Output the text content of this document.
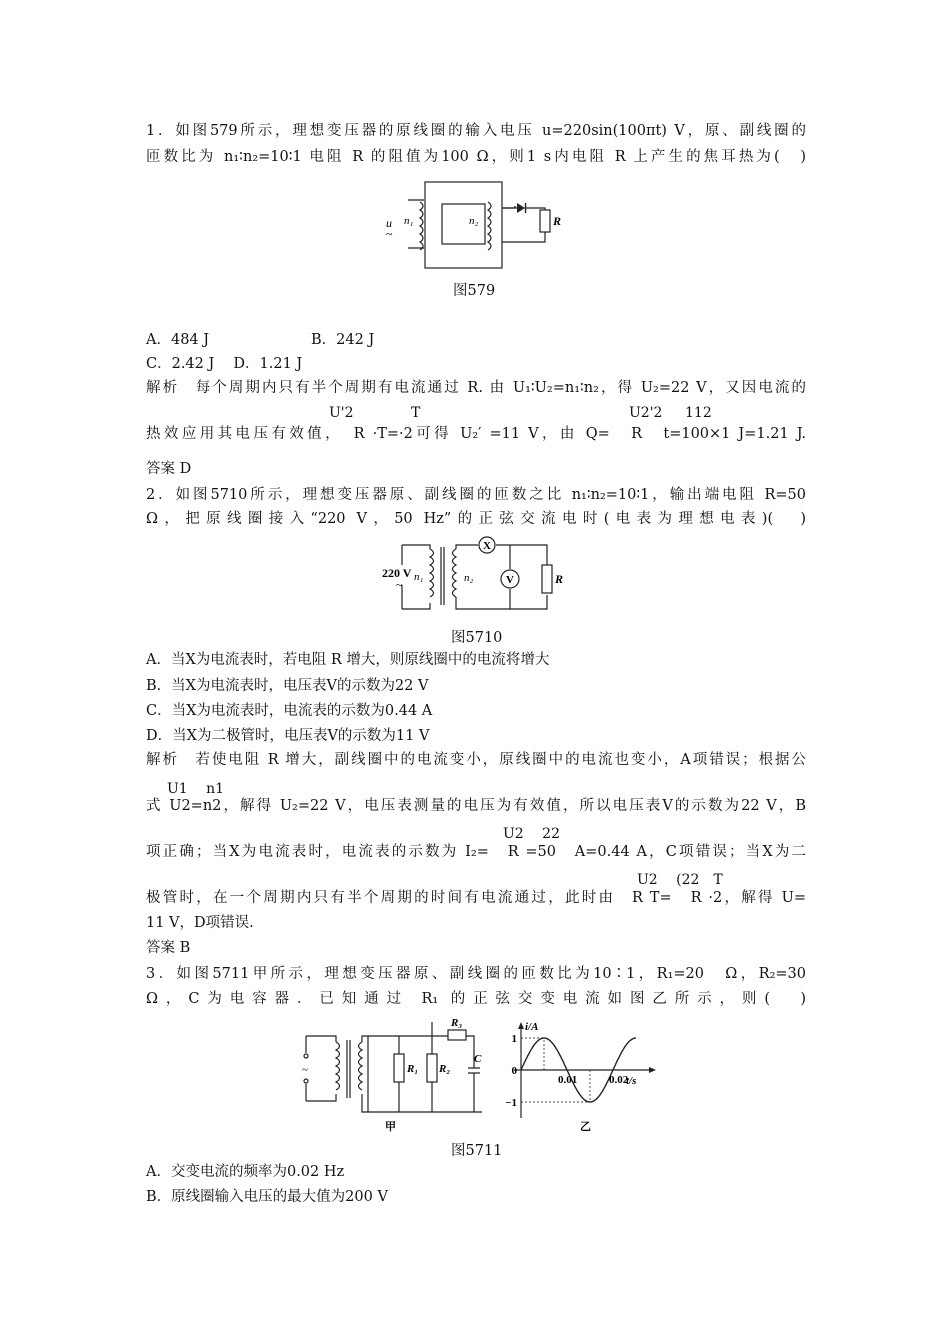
1．如图579所示，理想变压器的原线圈的输入电压 u=220sin(100πt) V，原、副线圈的
匝数比为 n₁∶n₂=10∶1 电阻 R 的阻值为100 Ω，则1 s内电阻 R 上产生的焦耳热为(　)
u
~
n₁	n₂	R
图579
A．484 J	B．242 J
C．2.42 J　 D．1.21 J
解析　每个周期内只有半个周期有电流通过 R. 由 U₁∶U₂=n₁∶n₂，得 U₂=22 V，又因电流的
U'2	T	U2'2 112
热效应用其电压有效值，　R ·T=·2可得 U₂′ =11 V，由 Q=　R　t=100×1 J=1.21 J.
答案 D
2．如图5710所示，理想变压器原、副线圈的匝数之比 n₁∶n₂=10∶1，输出端电阻 R=50
Ω，把原线圈接入“220 V，50 Hz”的正弦交流电时(电表为理想电表)(　)
220 V
~
n₁	n₂
X
V	R
图5710
A．当X为电流表时，若电阻 R 增大，则原线圈中的电流将增大
B．当X为电流表时，电压表V的示数为22 V
C．当X为电流表时，电流表的示数为0.44 A
D．当X为二极管时，电压表V的示数为11 V
解析　若使电阻 R 增大，副线圈中的电流变小，原线圈中的电流也变小，A项错误；根据公
U1　 n1
式 U2=n2，解得 U₂=22 V，电压表测量的电压为有效值，所以电压表V的示数为22 V，B
U2　 22
项正确；当X为电流表时，电流表的示数为 I₂=　R =50　A=0.44 A，C项错误；当X为二
U2　 (22　T
极管时，在一个周期内只有半个周期的时间有电流通过，此时由　R T=　R ·2，解得 U=
11 V，D项错误.
答案 B
3．如图5711甲所示，理想变压器原、副线圈的匝数比为10∶1，R₁=20　Ω，R₂=30
Ω，C为电容器．已知通过 R₁ 的正弦交变电流如图乙所示，则(　)
~	R₁ R₂
R₃
C
甲
i/A
t/s
0.01	0.02
1
0
−1
乙
图5711
A．交变电流的频率为0.02 Hz
B．原线圈输入电压的最大值为200 V
